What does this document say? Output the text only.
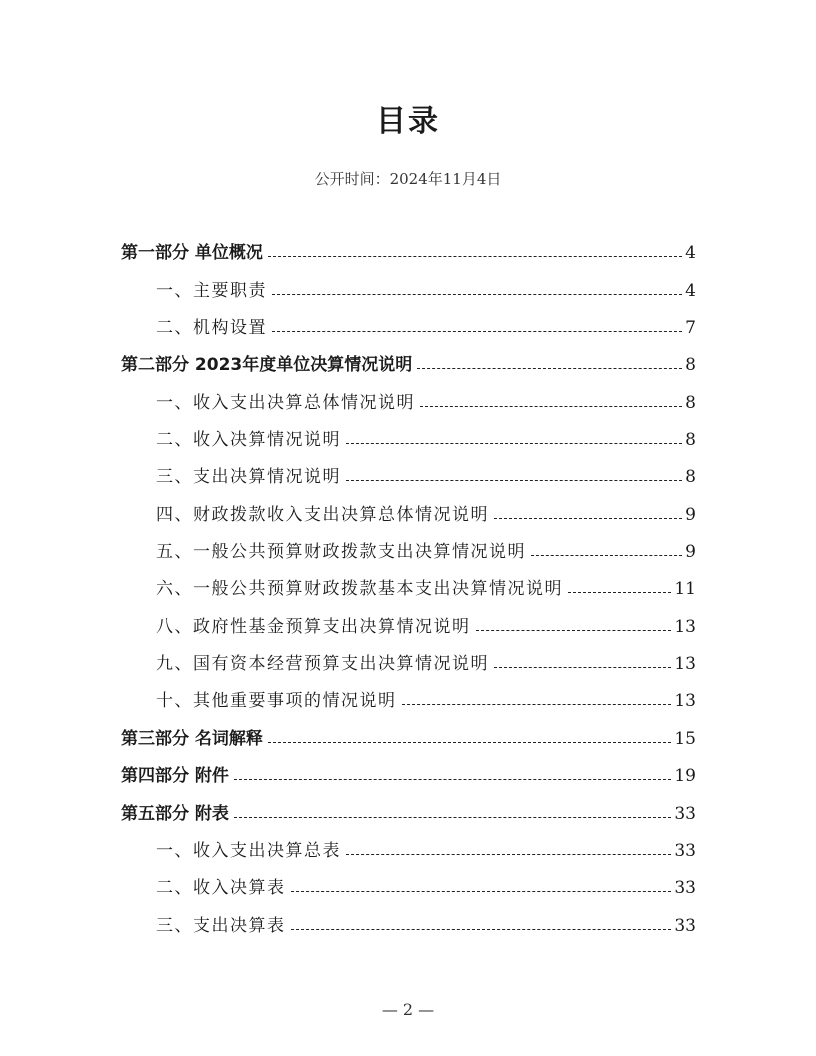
目录
公开时间：2024年11月4日
第一部分 单位概况	4
一、主要职责	4
二、机构设置	7
第二部分 2023年度单位决算情况说明	8
一、收入支出决算总体情况说明	8
二、收入决算情况说明	8
三、支出决算情况说明	8
四、财政拨款收入支出决算总体情况说明	9
五、一般公共预算财政拨款支出决算情况说明	9
六、一般公共预算财政拨款基本支出决算情况说明	11
八、政府性基金预算支出决算情况说明	13
九、国有资本经营预算支出决算情况说明	13
十、其他重要事项的情况说明	13
第三部分 名词解释	15
第四部分 附件	19
第五部分 附表	33
一、收入支出决算总表	33
二、收入决算表	33
三、支出决算表	33
— 2 —
